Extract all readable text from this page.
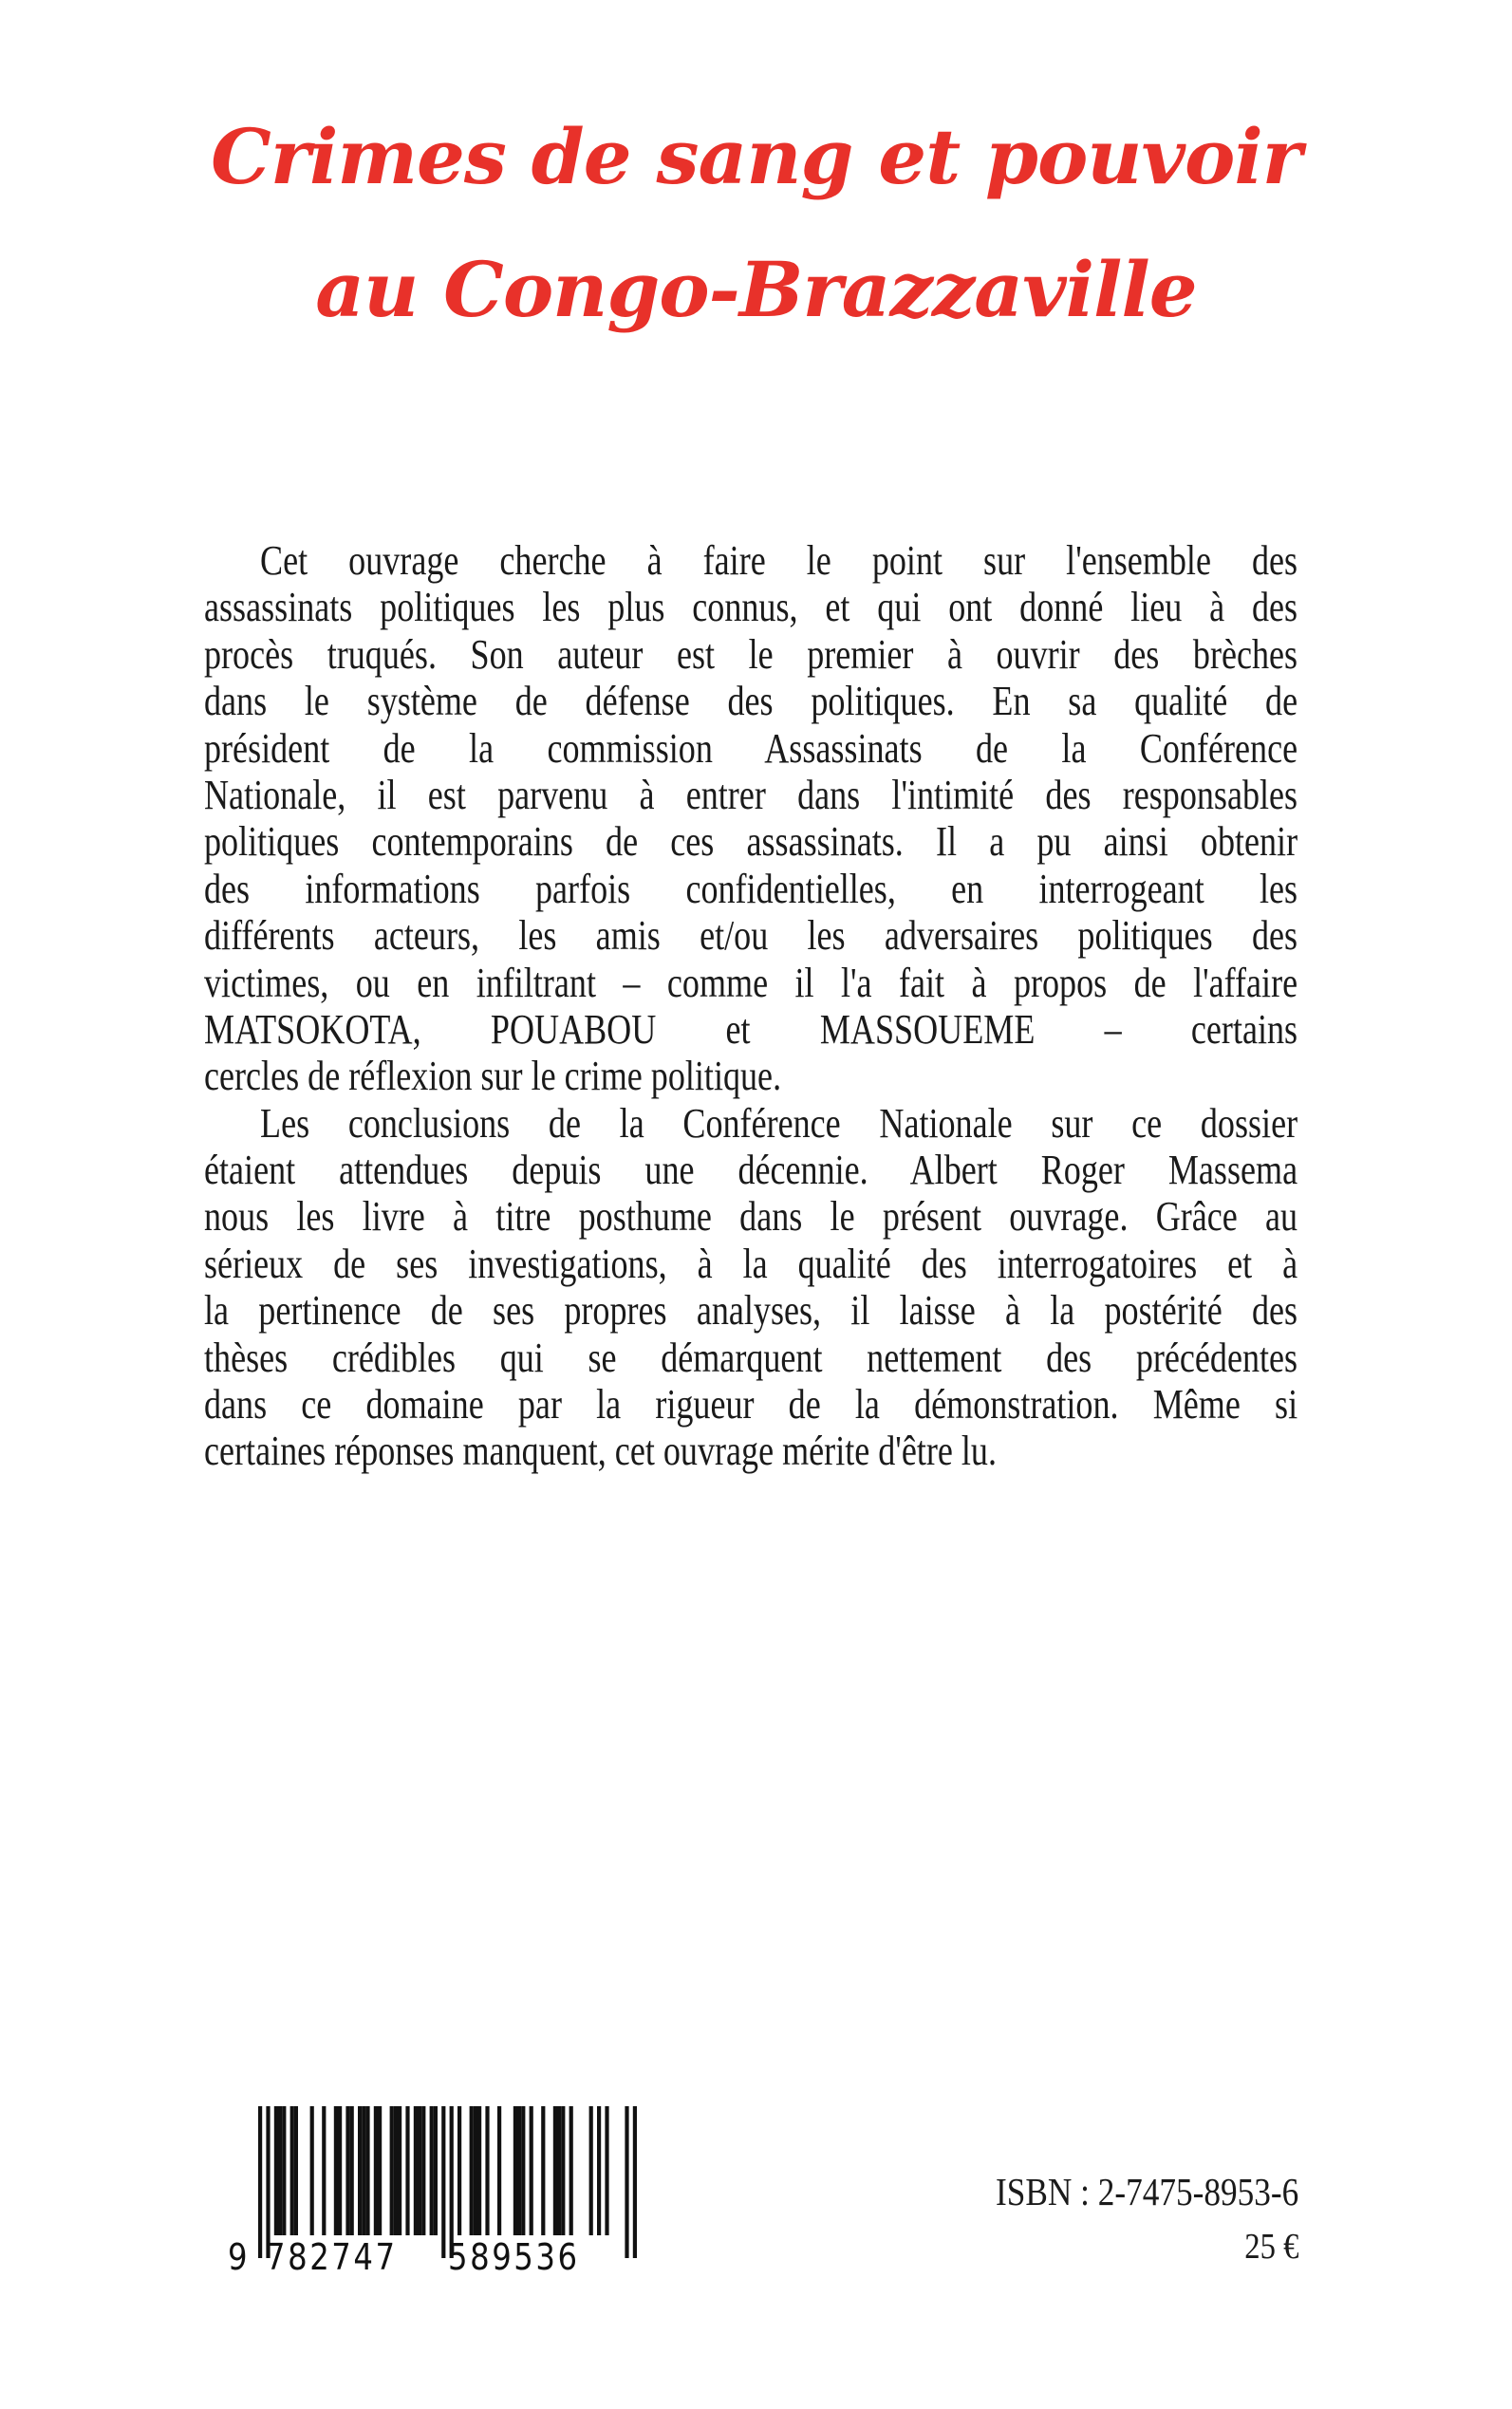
Crimes de sang et pouvoir
au Congo-Brazzaville
Cet ouvrage cherche à faire le point sur l'ensemble des
assassinats politiques les plus connus, et qui ont donné lieu à des
procès truqués. Son auteur est le premier à ouvrir des brèches
dans le système de défense des politiques. En sa qualité de
président de la commission Assassinats de la Conférence
Nationale, il est parvenu à entrer dans l'intimité des responsables
politiques contemporains de ces assassinats. Il a pu ainsi obtenir
des informations parfois confidentielles, en interrogeant les
différents acteurs, les amis et/ou les adversaires politiques des
victimes, ou en infiltrant – comme il l'a fait à propos de l'affaire
MATSOKOTA, POUABOU et MASSOUEME – certains
cercles de réflexion sur le crime politique.
Les conclusions de la Conférence Nationale sur ce dossier
étaient attendues depuis une décennie. Albert Roger Massema
nous les livre à titre posthume dans le présent ouvrage. Grâce au
sérieux de ses investigations, à la qualité des interrogatoires et à
la pertinence de ses propres analyses, il laisse à la postérité des
thèses crédibles qui se démarquent nettement des précédentes
dans ce domaine par la rigueur de la démonstration. Même si
certaines réponses manquent, cet ouvrage mérite d'être lu.
9 782747 589536
ISBN : 2-7475-8953-6
25 €
